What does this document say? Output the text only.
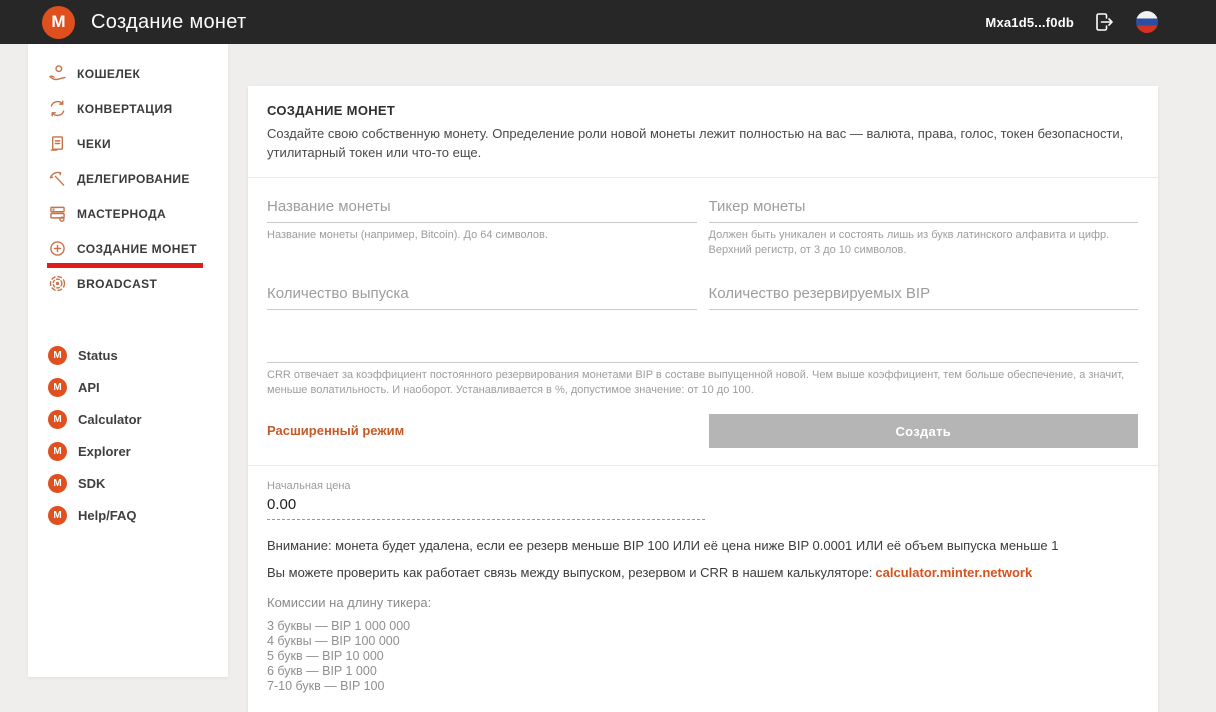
M Создание монет	Mxa1d5...f0db
КОШЕЛЕК
КОНВЕРТАЦИЯ
ЧЕКИ
ДЕЛЕГИРОВАНИЕ
МАСТЕРНОДА
СОЗДАНИЕ МОНЕТ
BROADCAST
M Status
M API
M Calculator
M Explorer
M SDK
M Help/FAQ
СОЗДАНИЕ МОНЕТ

Создайте свою собственную монету. Определение роли новой монеты лежит полностью на вас — валюта, права, голос, токен безопасности, утилитарный токен или что-то еще.

Название монеты
Название монеты (например, Bitcoin). До 64 символов.
Тикер монеты	Должен быть уникален и состоять лишь из букв латинского алфавита и цифр.
Верхний регистр, от 3 до 10 символов.
Количество выпуска
Количество резервируемых BIP
CRR отвечает за коэффициент постоянного резервирования монетами BIP в составе выпущенной новой. Чем выше коэффициент, тем больше обеспечение, а значит, меньше волатильность. И наоборот. Устанавливается в %, допустимое значение: от 10 до 100.
Расширенный режим	Создать
Начальная цена
0.00

Внимание: монета будет удалена, если ее резерв меньше BIP 100 ИЛИ её цена ниже BIP 0.0001 ИЛИ её объем выпуска меньше 1

Вы можете проверить как работает связь между выпуском, резервом и CRR в нашем калькуляторе: calculator.minter.network

Комиссии на длину тикера:

3 буквы — BIP 1 000 000
4 буквы — BIP 100 000
5 букв — BIP 10 000
6 букв — BIP 1 000
7-10 букв — BIP 100
